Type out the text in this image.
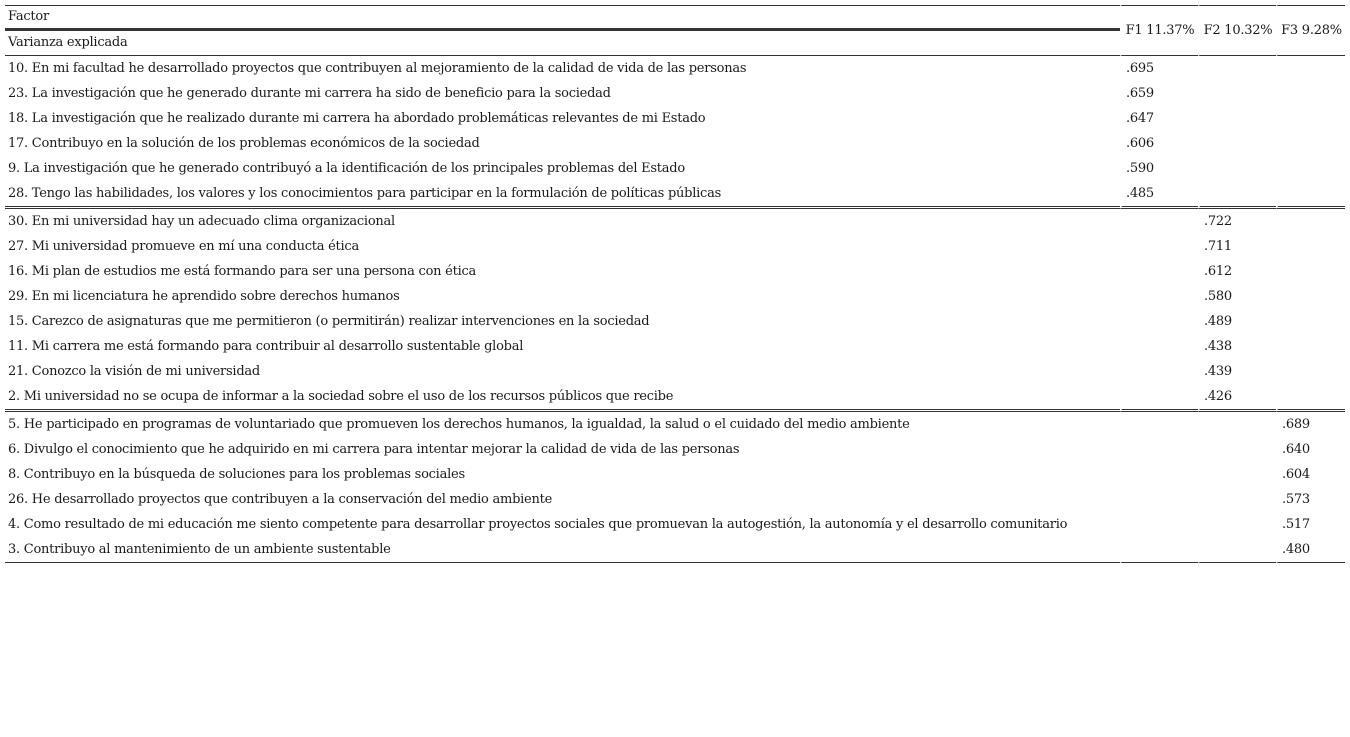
Factor	F1 11.37%	F2 10.32%	F3 9.28%
Varianza explicada			
10. En mi facultad he desarrollado proyectos que contribuyen al mejoramiento de la calidad de vida de las personas	.695		
23. La investigación que he generado durante mi carrera ha sido de beneficio para la sociedad	.659		
18. La investigación que he realizado durante mi carrera ha abordado problemáticas relevantes de mi Estado	.647		
17. Contribuyo en la solución de los problemas económicos de la sociedad	.606		
9. La investigación que he generado contribuyó a la identificación de los principales problemas del Estado	.590		
28. Tengo las habilidades, los valores y los conocimientos para participar en la formulación de políticas públicas	.485		
30. En mi universidad hay un adecuado clima organizacional		.722	
27. Mi universidad promueve en mí una conducta ética		.711	
16. Mi plan de estudios me está formando para ser una persona con ética		.612	
29. En mi licenciatura he aprendido sobre derechos humanos		.580	
15. Carezco de asignaturas que me permitieron (o permitirán) realizar intervenciones en la sociedad		.489	
11. Mi carrera me está formando para contribuir al desarrollo sustentable global		.438	
21. Conozco la visión de mi universidad		.439	
2. Mi universidad no se ocupa de informar a la sociedad sobre el uso de los recursos públicos que recibe		.426	
5. He participado en programas de voluntariado que promueven los derechos humanos, la igualdad, la salud o el cuidado del medio ambiente			.689
6. Divulgo el conocimiento que he adquirido en mi carrera para intentar mejorar la calidad de vida de las personas			.640
8. Contribuyo en la búsqueda de soluciones para los problemas sociales			.604
26. He desarrollado proyectos que contribuyen a la conservación del medio ambiente			.573
4. Como resultado de mi educación me siento competente para desarrollar proyectos sociales que promuevan la autogestión, la autonomía y el desarrollo comunitario			.517
3. Contribuyo al mantenimiento de un ambiente sustentable			.480
